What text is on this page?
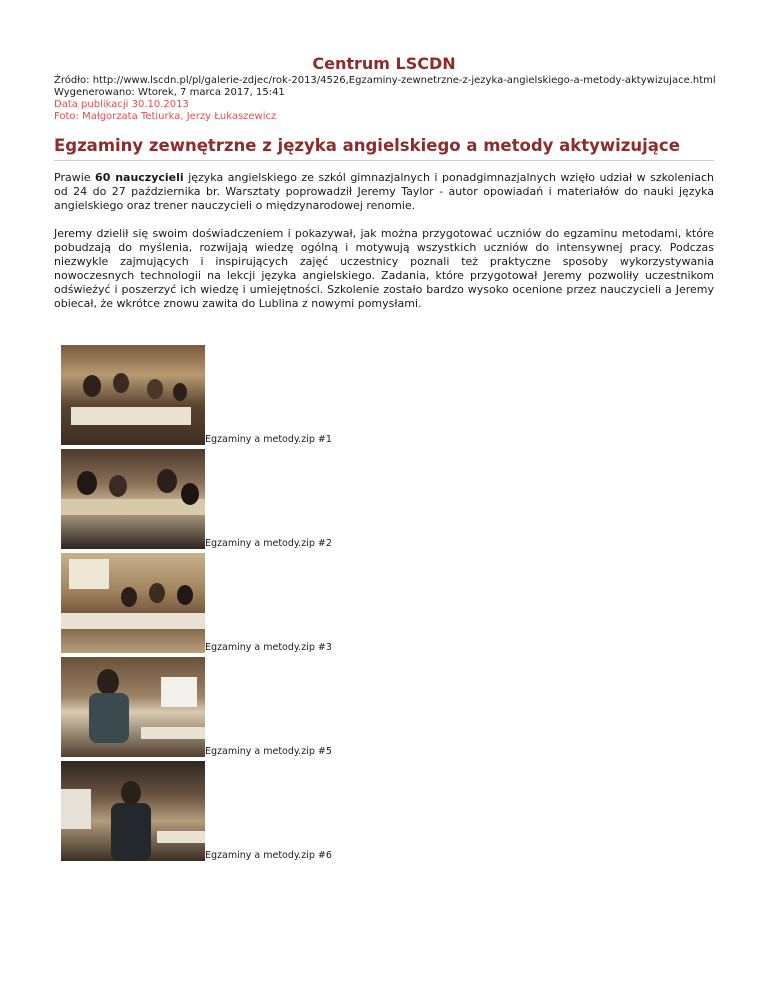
Centrum LSCDN
Źródło: http://www.lscdn.pl/pl/galerie-zdjec/rok-2013/4526,Egzaminy-zewnetrzne-z-jezyka-angielskiego-a-metody-aktywizujace.html
Wygenerowano: Wtorek, 7 marca 2017, 15:41
Data publikacji 30.10.2013
Foto: Małgorzata Tetiurka, Jerzy Łukaszewicz
Egzaminy zewnętrzne z języka angielskiego a metody aktywizujące

Prawie 60 nauczycieli języka angielskiego ze szkól gimnazjalnych i ponadgimnazjalnych wzięło udział w szkoleniach od 24 do 27 października br. Warsztaty poprowadził Jeremy Taylor - autor opowiadań i materiałów do nauki języka angielskiego oraz trener nauczycieli o międzynarodowej renomie.

Jeremy dzielił się swoim doświadczeniem i pokazywał, jak można przygotować uczniów do egzaminu metodami, które pobudzają do myślenia, rozwijają wiedzę ogólną i motywują wszystkich uczniów do intensywnej pracy. Podczas niezwykle zajmujących i inspirujących zajęć uczestnicy poznali też praktyczne sposoby wykorzystywania nowoczesnych technologii na lekcji języka angielskiego. Zadania, które przygotował Jeremy pozwoliły uczestnikom odświeżyć i poszerzyć ich wiedzę i umiejętności. Szkolenie zostało bardzo wysoko ocenione przez nauczycieli a Jeremy obiecał, że wkrótce znowu zawita do Lublina z nowymi pomysłami.

Egzaminy a metody.zip #1
Egzaminy a metody.zip #2
Egzaminy a metody.zip #3
Egzaminy a metody.zip #5
Egzaminy a metody.zip #6
